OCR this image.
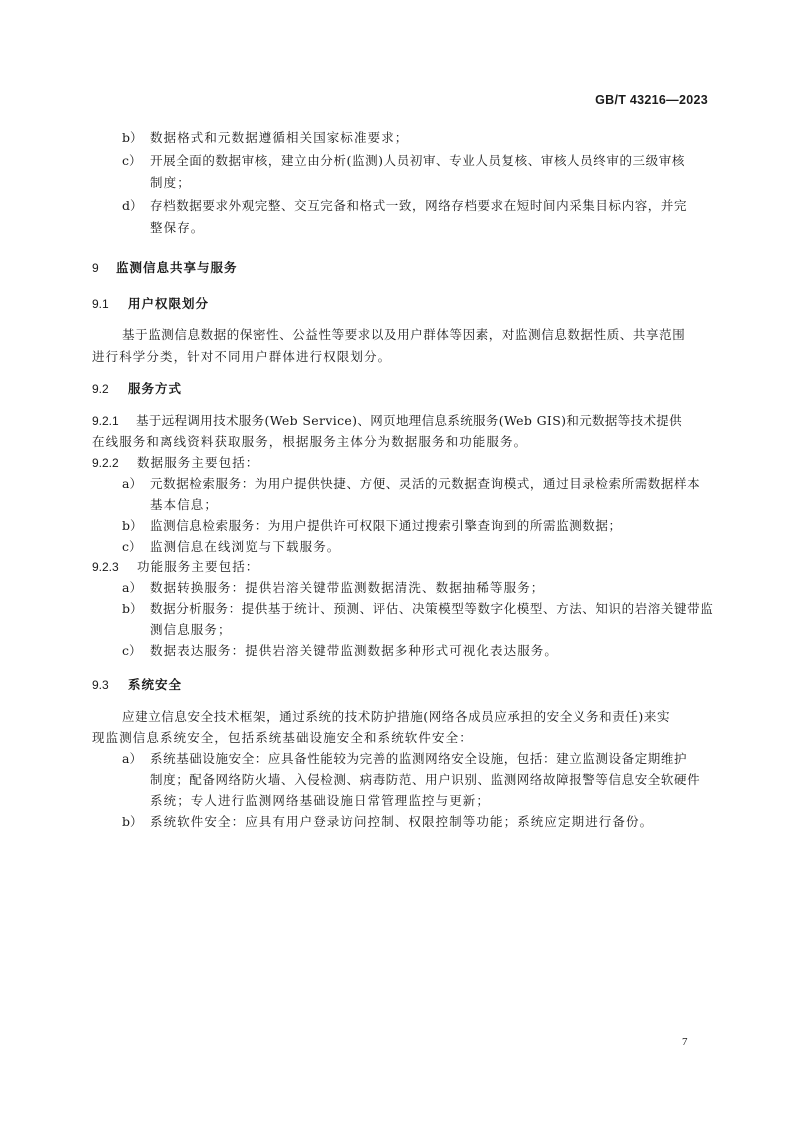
GB/T 43216—2023
b） 数据格式和元数据遵循相关国家标准要求；
c） 开展全面的数据审核，建立由分析(监测)人员初审、专业人员复核、审核人员终审的三级审核
制度；
d） 存档数据要求外观完整、交互完备和格式一致，网络存档要求在短时间内采集目标内容，并完
整保存。
9 监测信息共享与服务
9.1 用户权限划分
基于监测信息数据的保密性、公益性等要求以及用户群体等因素，对监测信息数据性质、共享范围
进行科学分类，针对不同用户群体进行权限划分。
9.2 服务方式
9.2.1 基于远程调用技术服务(Web Service)、网页地理信息系统服务(Web GIS)和元数据等技术提供
在线服务和离线资料获取服务，根据服务主体分为数据服务和功能服务。
9.2.2 数据服务主要包括：
a） 元数据检索服务：为用户提供快捷、方便、灵活的元数据查询模式，通过目录检索所需数据样本
基本信息；
b） 监测信息检索服务：为用户提供许可权限下通过搜索引擎查询到的所需监测数据；
c） 监测信息在线浏览与下载服务。
9.2.3 功能服务主要包括：
a） 数据转换服务：提供岩溶关键带监测数据清洗、数据抽稀等服务；
b） 数据分析服务：提供基于统计、预测、评估、决策模型等数字化模型、方法、知识的岩溶关键带监
测信息服务；
c） 数据表达服务：提供岩溶关键带监测数据多种形式可视化表达服务。
9.3 系统安全
应建立信息安全技术框架，通过系统的技术防护措施(网络各成员应承担的安全义务和责任)来实
现监测信息系统安全，包括系统基础设施安全和系统软件安全：
a） 系统基础设施安全：应具备性能较为完善的监测网络安全设施，包括：建立监测设备定期维护
制度；配备网络防火墙、入侵检测、病毒防范、用户识别、监测网络故障报警等信息安全软硬件
系统；专人进行监测网络基础设施日常管理监控与更新；
b） 系统软件安全：应具有用户登录访问控制、权限控制等功能；系统应定期进行备份。
7
